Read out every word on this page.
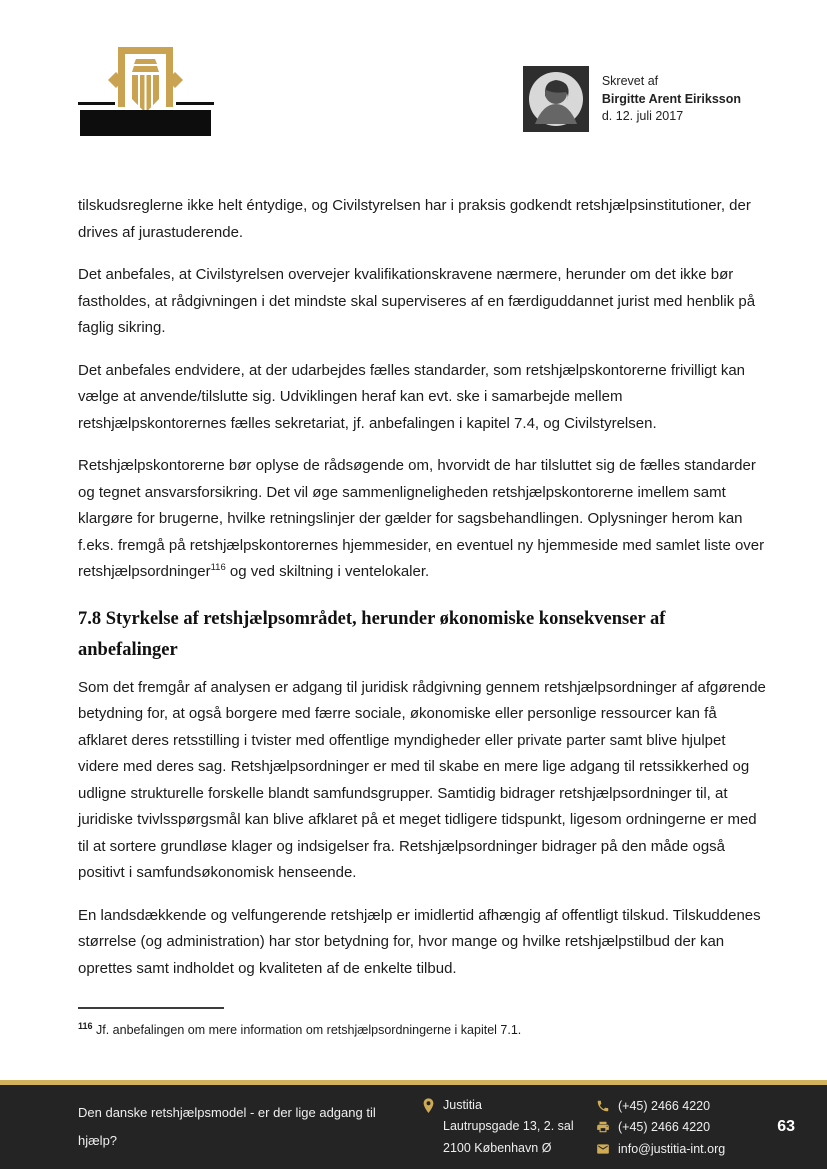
Skrevet af
Birgitte Arent Eiriksson
d. 12. juli 2017

tilskudsreglerne ikke helt éntydige, og Civilstyrelsen har i praksis godkendt retshjælpsinstitutioner, der drives af jurastuderende.

Det anbefales, at Civilstyrelsen overvejer kvalifikationskravene nærmere, herunder om det ikke bør fastholdes, at rådgivningen i det mindste skal superviseres af en færdiguddannet jurist med henblik på faglig sikring.

Det anbefales endvidere, at der udarbejdes fælles standarder, som retshjælpskontorerne frivilligt kan vælge at anvende/tilslutte sig. Udviklingen heraf kan evt. ske i samarbejde mellem retshjælpskontorernes fælles sekretariat, jf. anbefalingen i kapitel 7.4, og Civilstyrelsen.

Retshjælpskontorerne bør oplyse de rådsøgende om, hvorvidt de har tilsluttet sig de fælles standarder og tegnet ansvarsforsikring. Det vil øge sammenligneligheden retshjælpskontorerne imellem samt klargøre for brugerne, hvilke retningslinjer der gælder for sagsbehandlingen. Oplysninger herom kan f.eks. fremgå på retshjælpskontorernes hjemmesider, en eventuel ny hjemmeside med samlet liste over retshjælpsordninger$^{116}$ og ved skiltning i ventelokaler.

7.8 Styrkelse af retshjælpsområdet, herunder økonomiske konsekvenser af anbefalinger

Som det fremgår af analysen er adgang til juridisk rådgivning gennem retshjælpsordninger af afgørende betydning for, at også borgere med færre sociale, økonomiske eller personlige ressourcer kan få afklaret deres retsstilling i tvister med offentlige myndigheder eller private parter samt blive hjulpet videre med deres sag. Retshjælpsordninger er med til skabe en mere lige adgang til retssikkerhed og udligne strukturelle forskelle blandt samfundsgrupper. Samtidig bidrager retshjælpsordninger til, at juridiske tvivlsspørgsmål kan blive afklaret på et meget tidligere tidspunkt, ligesom ordningerne er med til at sortere grundløse klager og indsigelser fra. Retshjælpsordninger bidrager på den måde også positivt i samfundsøkonomisk henseende.

En landsdækkende og velfungerende retshjælp er imidlertid afhængig af offentligt tilskud. Tilskuddenes størrelse (og administration) har stor betydning for, hvor mange og hvilke retshjælpstilbud der kan oprettes samt indholdet og kvaliteten af de enkelte tilbud.

$^{116}$ Jf. anbefalingen om mere information om retshjælpsordningerne i kapitel 7.1.
Den danske retshjælpsmodel - er der lige adgang til hjælp?
Justitia
Lautrupsgade 13, 2. sal
2100 København Ø
(+45) 2466 4220
(+45) 2466 4220
info@justitia-int.org
63
